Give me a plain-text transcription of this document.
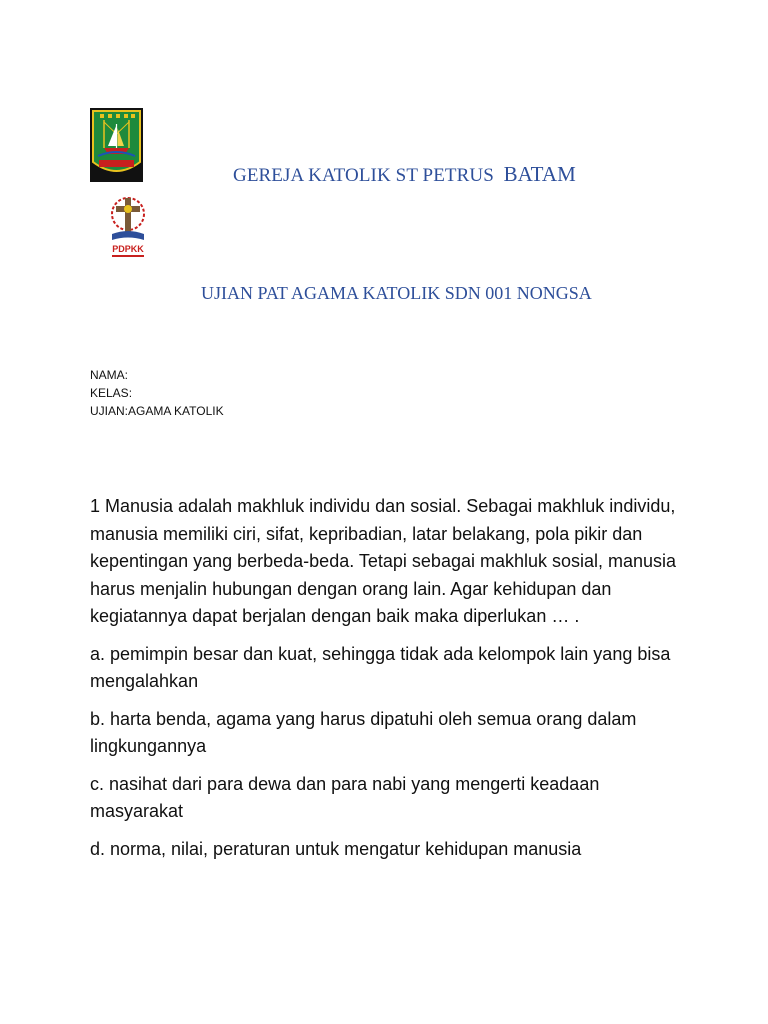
PDPKK
GEREJA KATOLIK ST PETRUS BATAM
UJIAN PAT AGAMA KATOLIK SDN 001 NONGSA
NAMA:
KELAS:
UJIAN:AGAMA KATOLIK

1 Manusia adalah makhluk individu dan sosial. Sebagai makhluk individu, manusia memiliki ciri, sifat, kepribadian, latar belakang, pola pikir dan kepentingan yang berbeda-beda. Tetapi sebagai makhluk sosial, manusia harus menjalin hubungan dengan orang lain. Agar kehidupan dan kegiatannya dapat berjalan dengan baik maka diperlukan … .

a. pemimpin besar dan kuat, sehingga tidak ada kelompok lain yang bisa mengalahkan

b. harta benda, agama yang harus dipatuhi oleh semua orang dalam lingkungannya

c. nasihat dari para dewa dan para nabi yang mengerti keadaan masyarakat

d. norma, nilai, peraturan untuk mengatur kehidupan manusia
